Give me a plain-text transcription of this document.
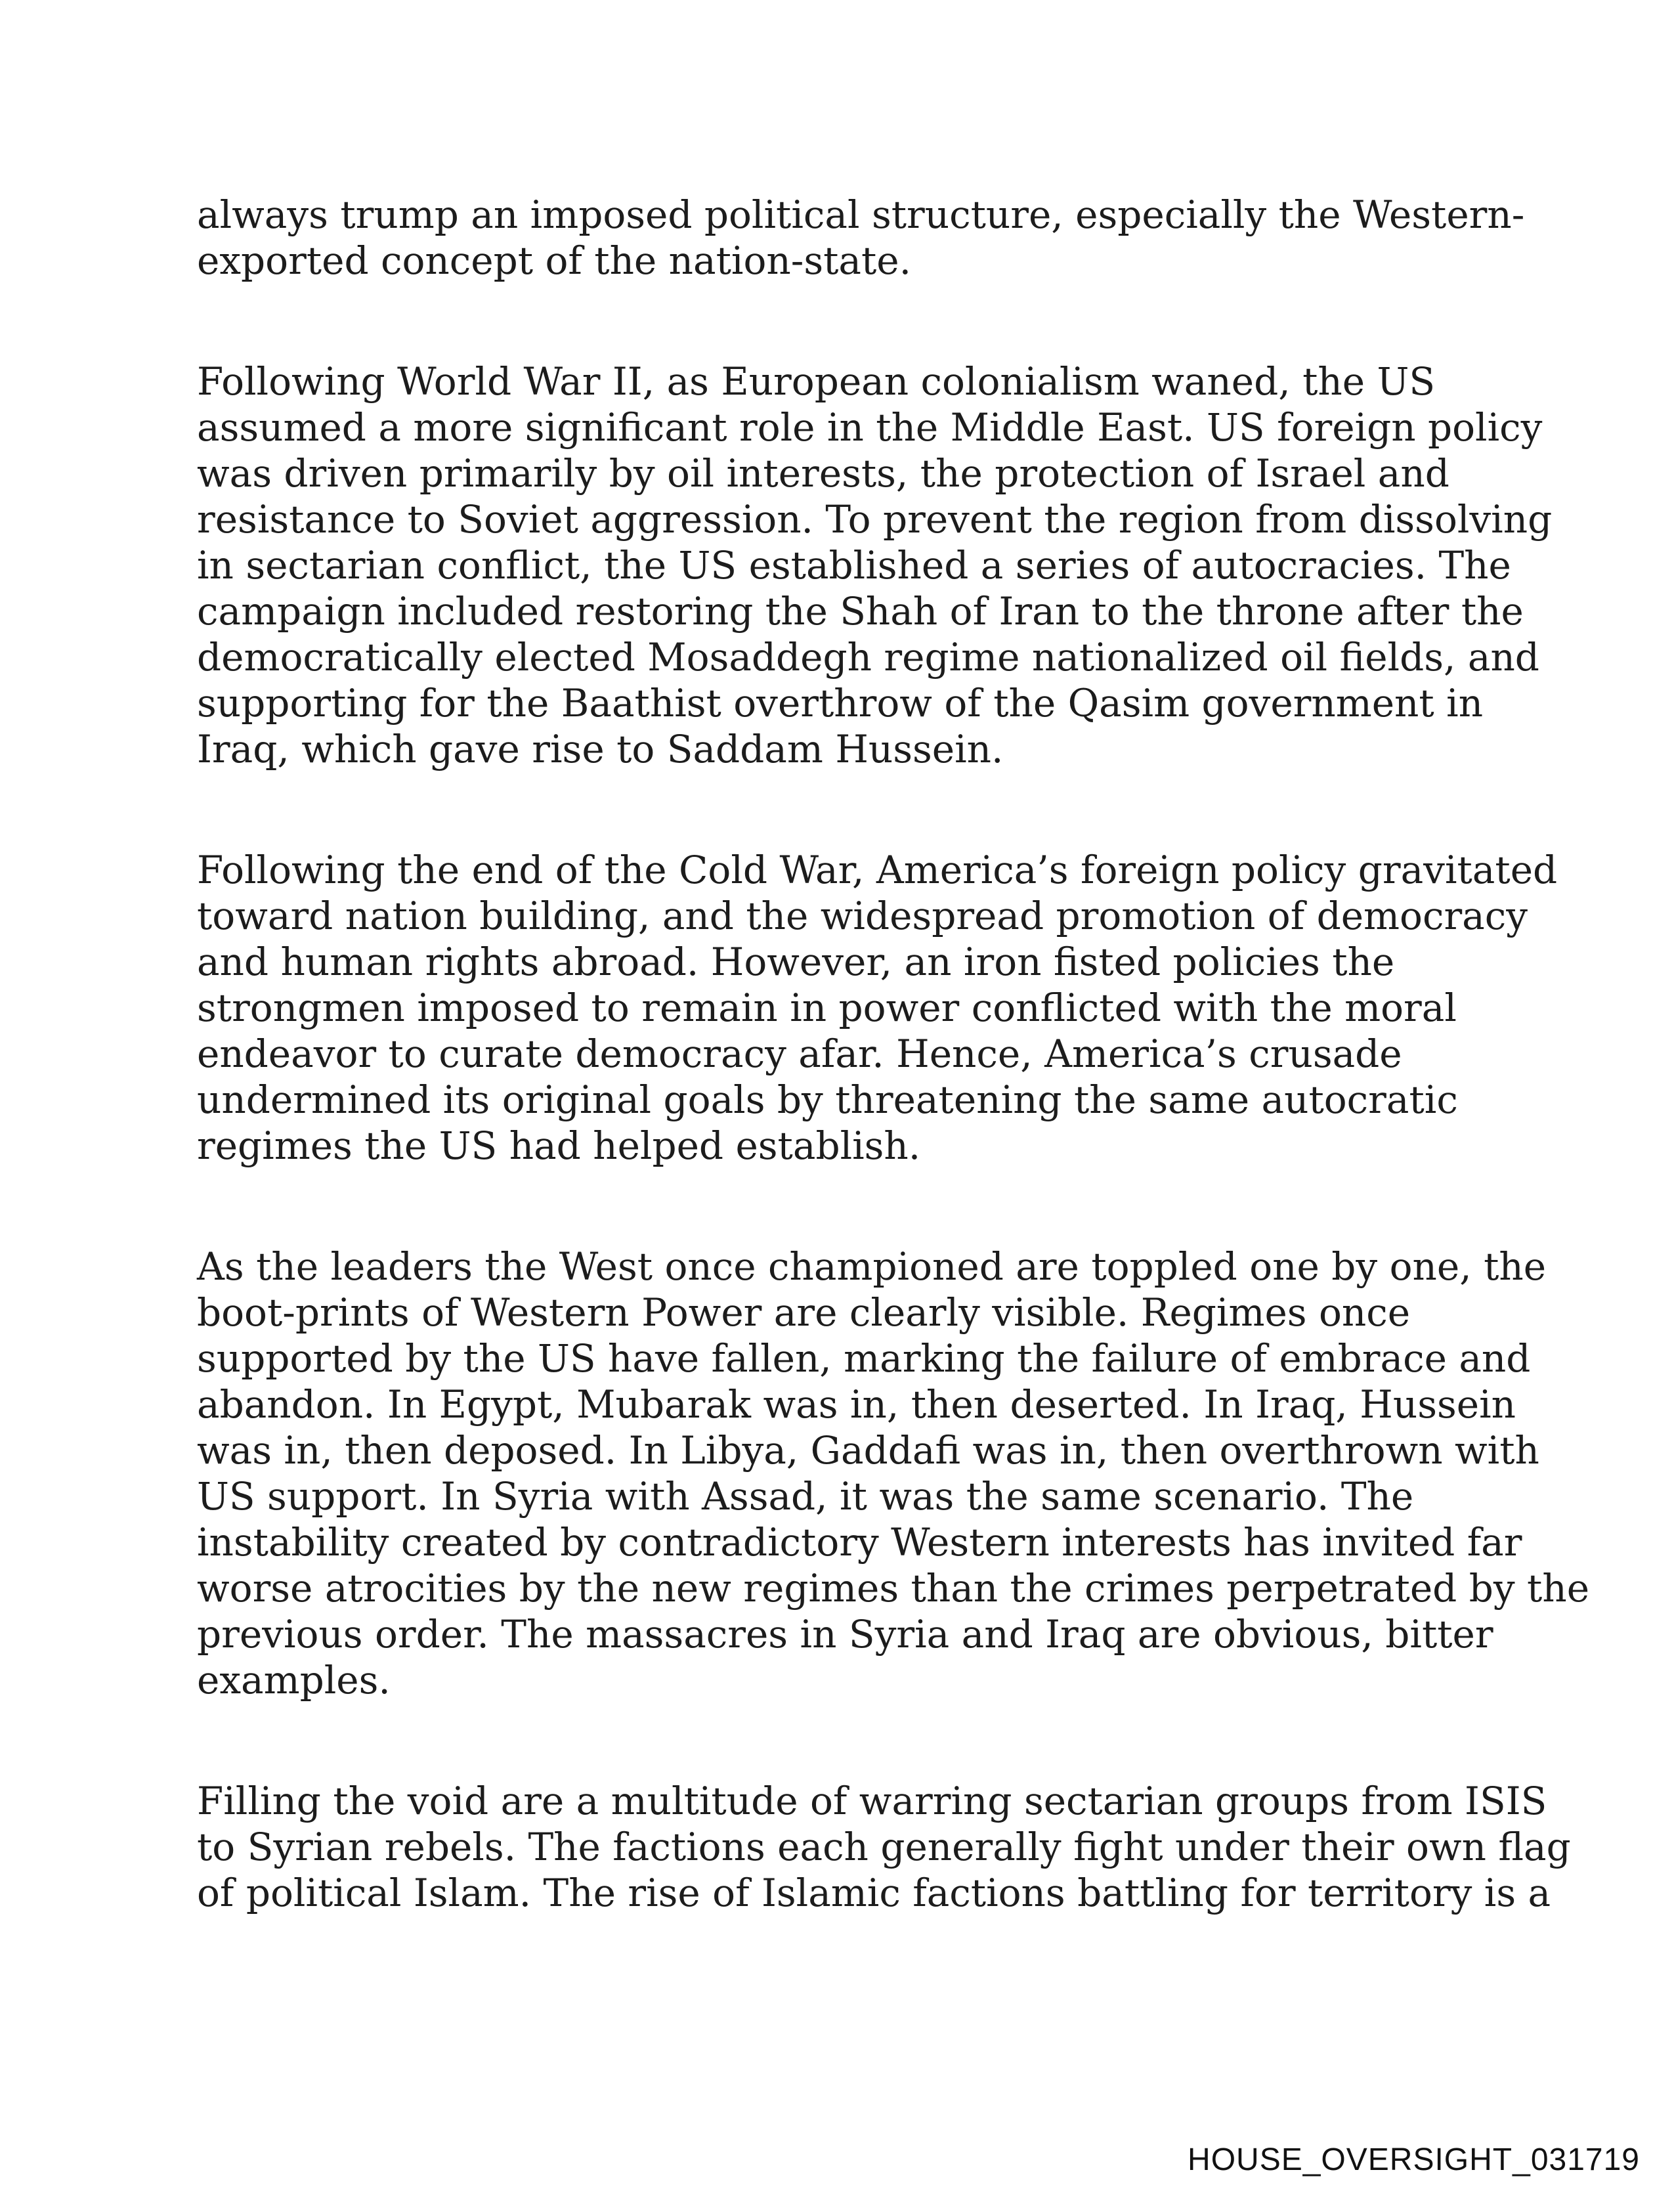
always trump an imposed political structure, especially the Western-
exported concept of the nation-state.

Following World War II, as European colonialism waned, the US
assumed a more significant role in the Middle East. US foreign policy
was driven primarily by oil interests, the protection of Israel and
resistance to Soviet aggression. To prevent the region from dissolving
in sectarian conflict, the US established a series of autocracies. The
campaign included restoring the Shah of Iran to the throne after the
democratically elected Mosaddegh regime nationalized oil fields, and
supporting for the Baathist overthrow of the Qasim government in
Iraq, which gave rise to Saddam Hussein.

Following the end of the Cold War, America’s foreign policy gravitated
toward nation building, and the widespread promotion of democracy
and human rights abroad. However, an iron fisted policies the
strongmen imposed to remain in power conflicted with the moral
endeavor to curate democracy afar. Hence, America’s crusade
undermined its original goals by threatening the same autocratic
regimes the US had helped establish.

As the leaders the West once championed are toppled one by one, the
boot-prints of Western Power are clearly visible. Regimes once
supported by the US have fallen, marking the failure of embrace and
abandon. In Egypt, Mubarak was in, then deserted. In Iraq, Hussein
was in, then deposed. In Libya, Gaddafi was in, then overthrown with
US support. In Syria with Assad, it was the same scenario. The
instability created by contradictory Western interests has invited far
worse atrocities by the new regimes than the crimes perpetrated by the
previous order. The massacres in Syria and Iraq are obvious, bitter
examples.

Filling the void are a multitude of warring sectarian groups from ISIS
to Syrian rebels. The factions each generally fight under their own flag
of political Islam. The rise of Islamic factions battling for territory is a

HOUSE_OVERSIGHT_031719
